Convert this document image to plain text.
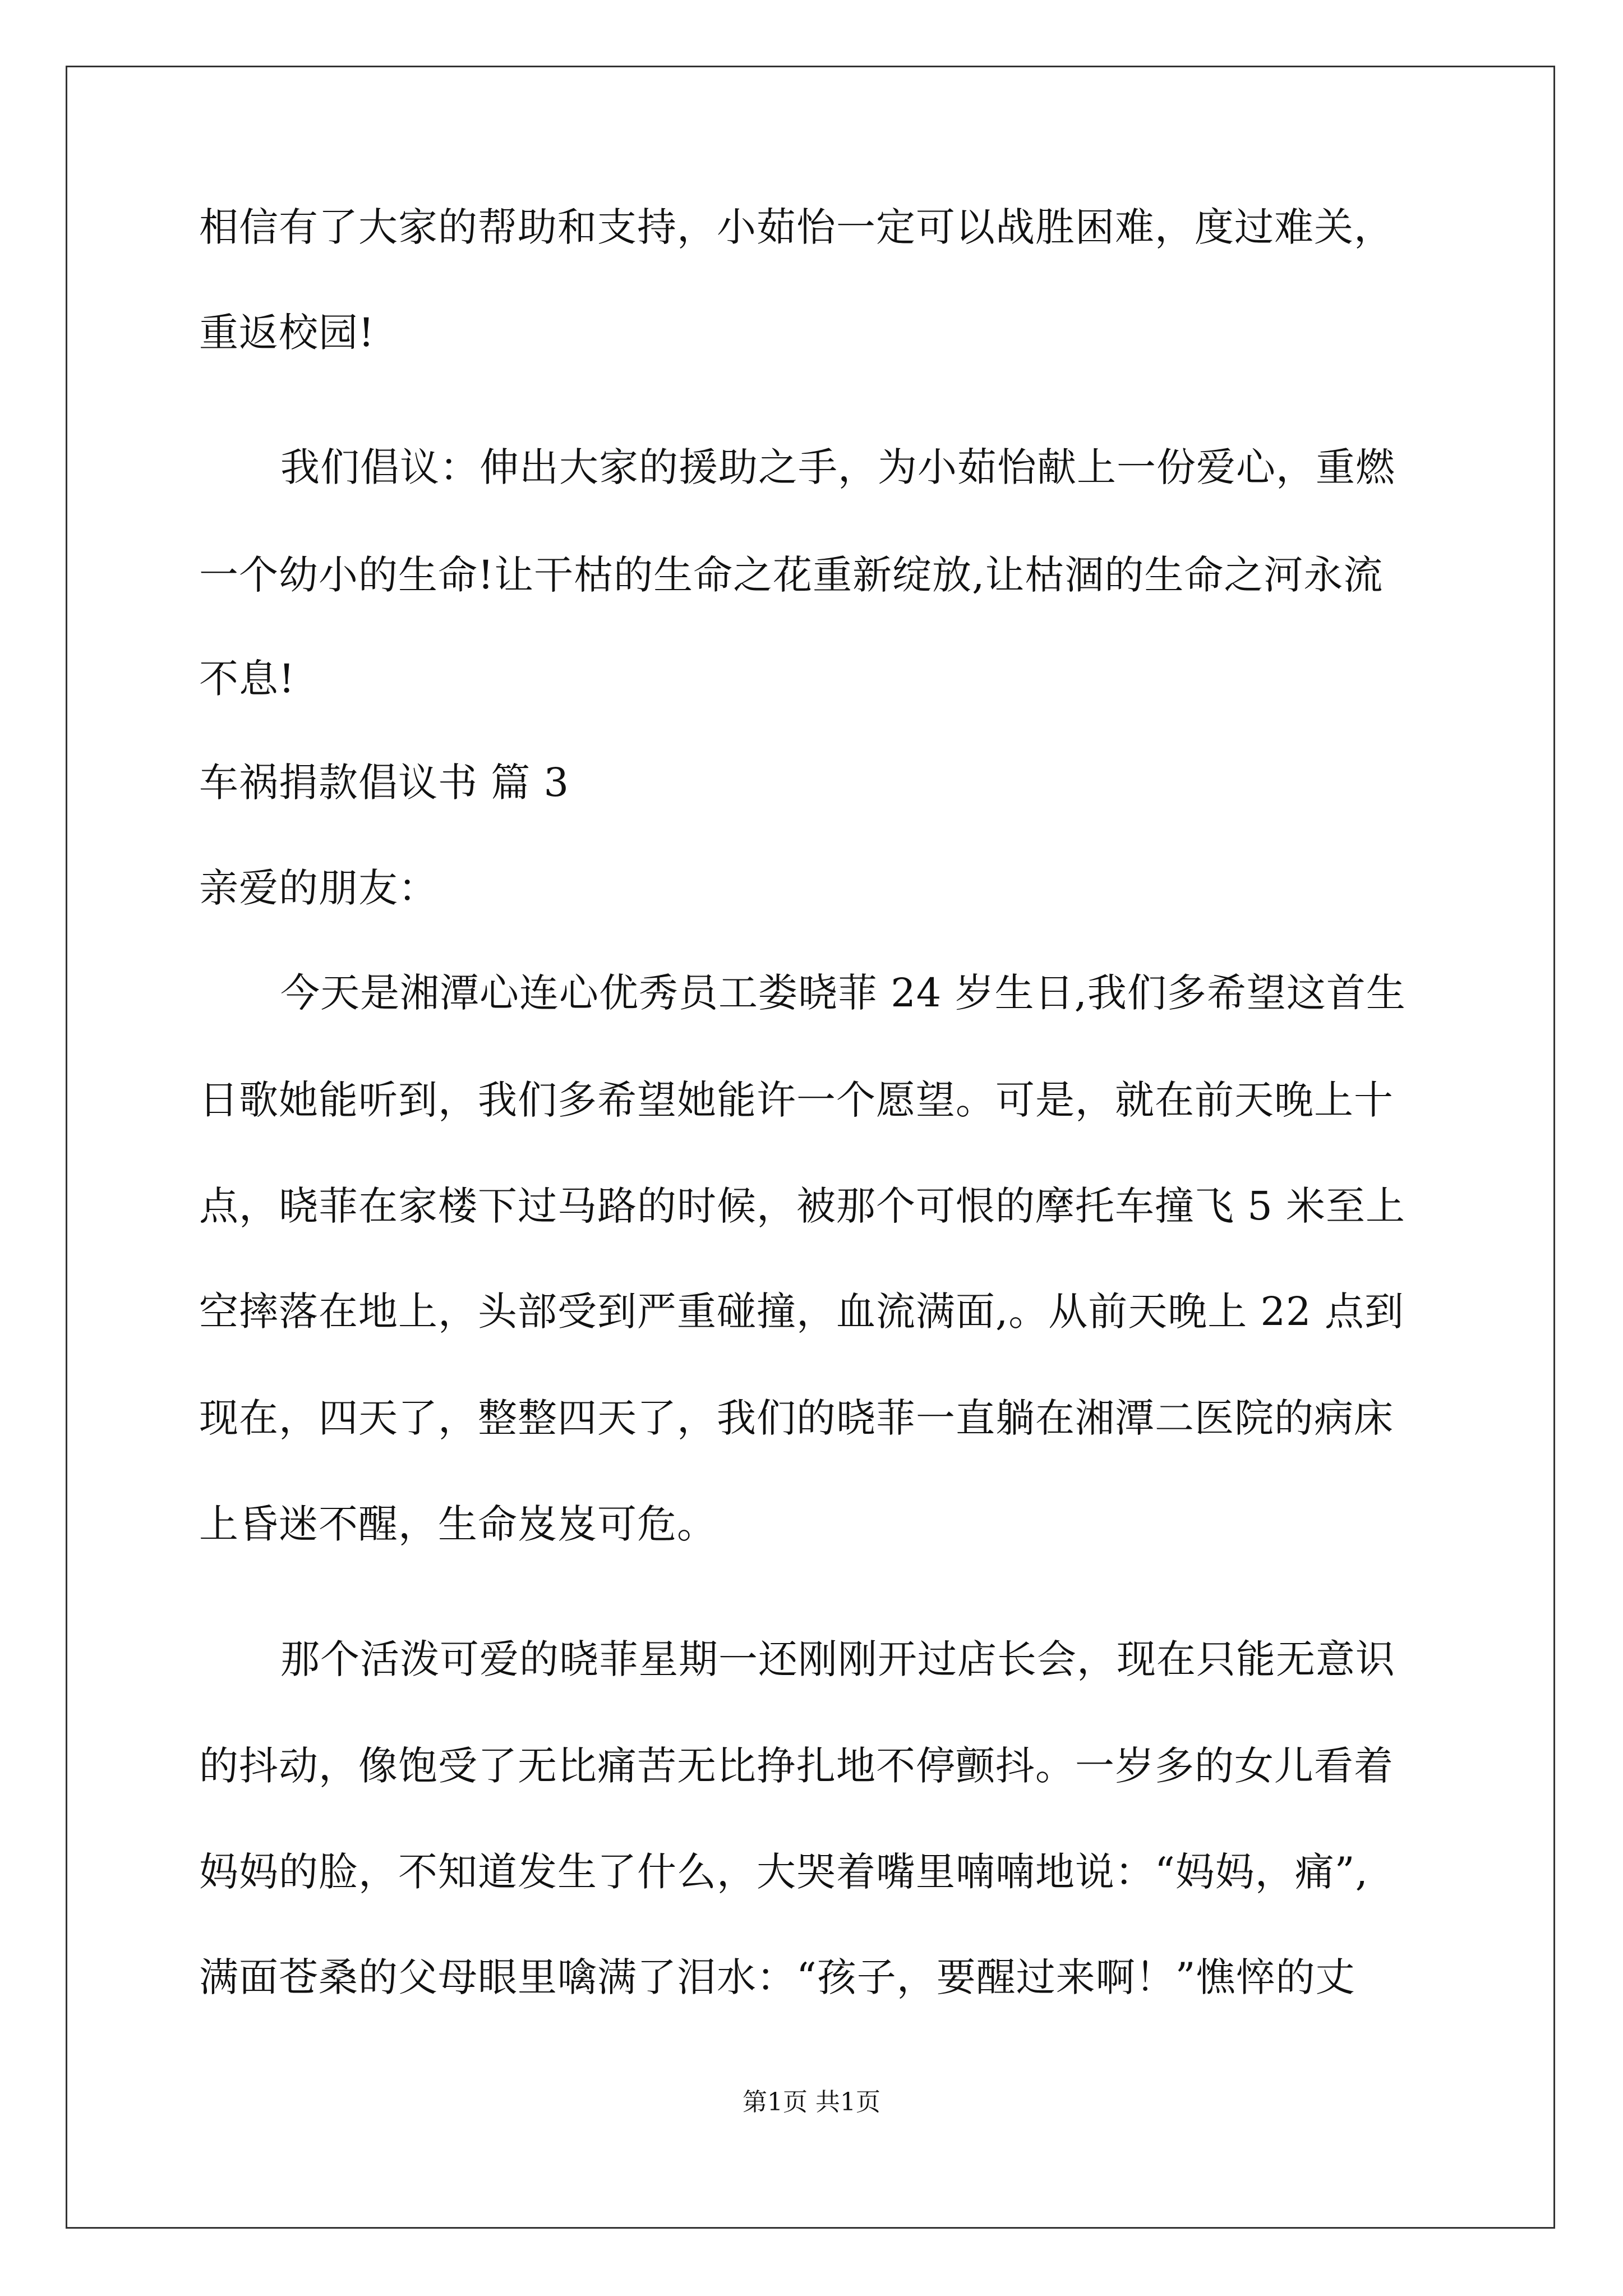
相信有了大家的帮助和支持，小茹怡一定可以战胜困难，度过难关，
重返校园!
我们倡议：伸出大家的援助之手，为小茹怡献上一份爱心，重燃
一个幼小的生命!让干枯的生命之花重新绽放,让枯涸的生命之河永流
不息!
车祸捐款倡议书 篇 3
亲爱的朋友：
今天是湘潭心连心优秀员工娄晓菲 24 岁生日,我们多希望这首生
日歌她能听到，我们多希望她能许一个愿望。可是，就在前天晚上十
点，晓菲在家楼下过马路的时候，被那个可恨的摩托车撞飞 5 米至上
空摔落在地上，头部受到严重碰撞，血流满面,。从前天晚上 22 点到
现在，四天了，整整四天了，我们的晓菲一直躺在湘潭二医院的病床
上昏迷不醒，生命岌岌可危。
那个活泼可爱的晓菲星期一还刚刚开过店长会，现在只能无意识
的抖动，像饱受了无比痛苦无比挣扎地不停颤抖。一岁多的女儿看着
妈妈的脸，不知道发生了什么，大哭着嘴里喃喃地说：“妈妈，痛”,
满面苍桑的父母眼里噙满了泪水：“孩子，要醒过来啊！”憔悴的丈
第1页 共1页
